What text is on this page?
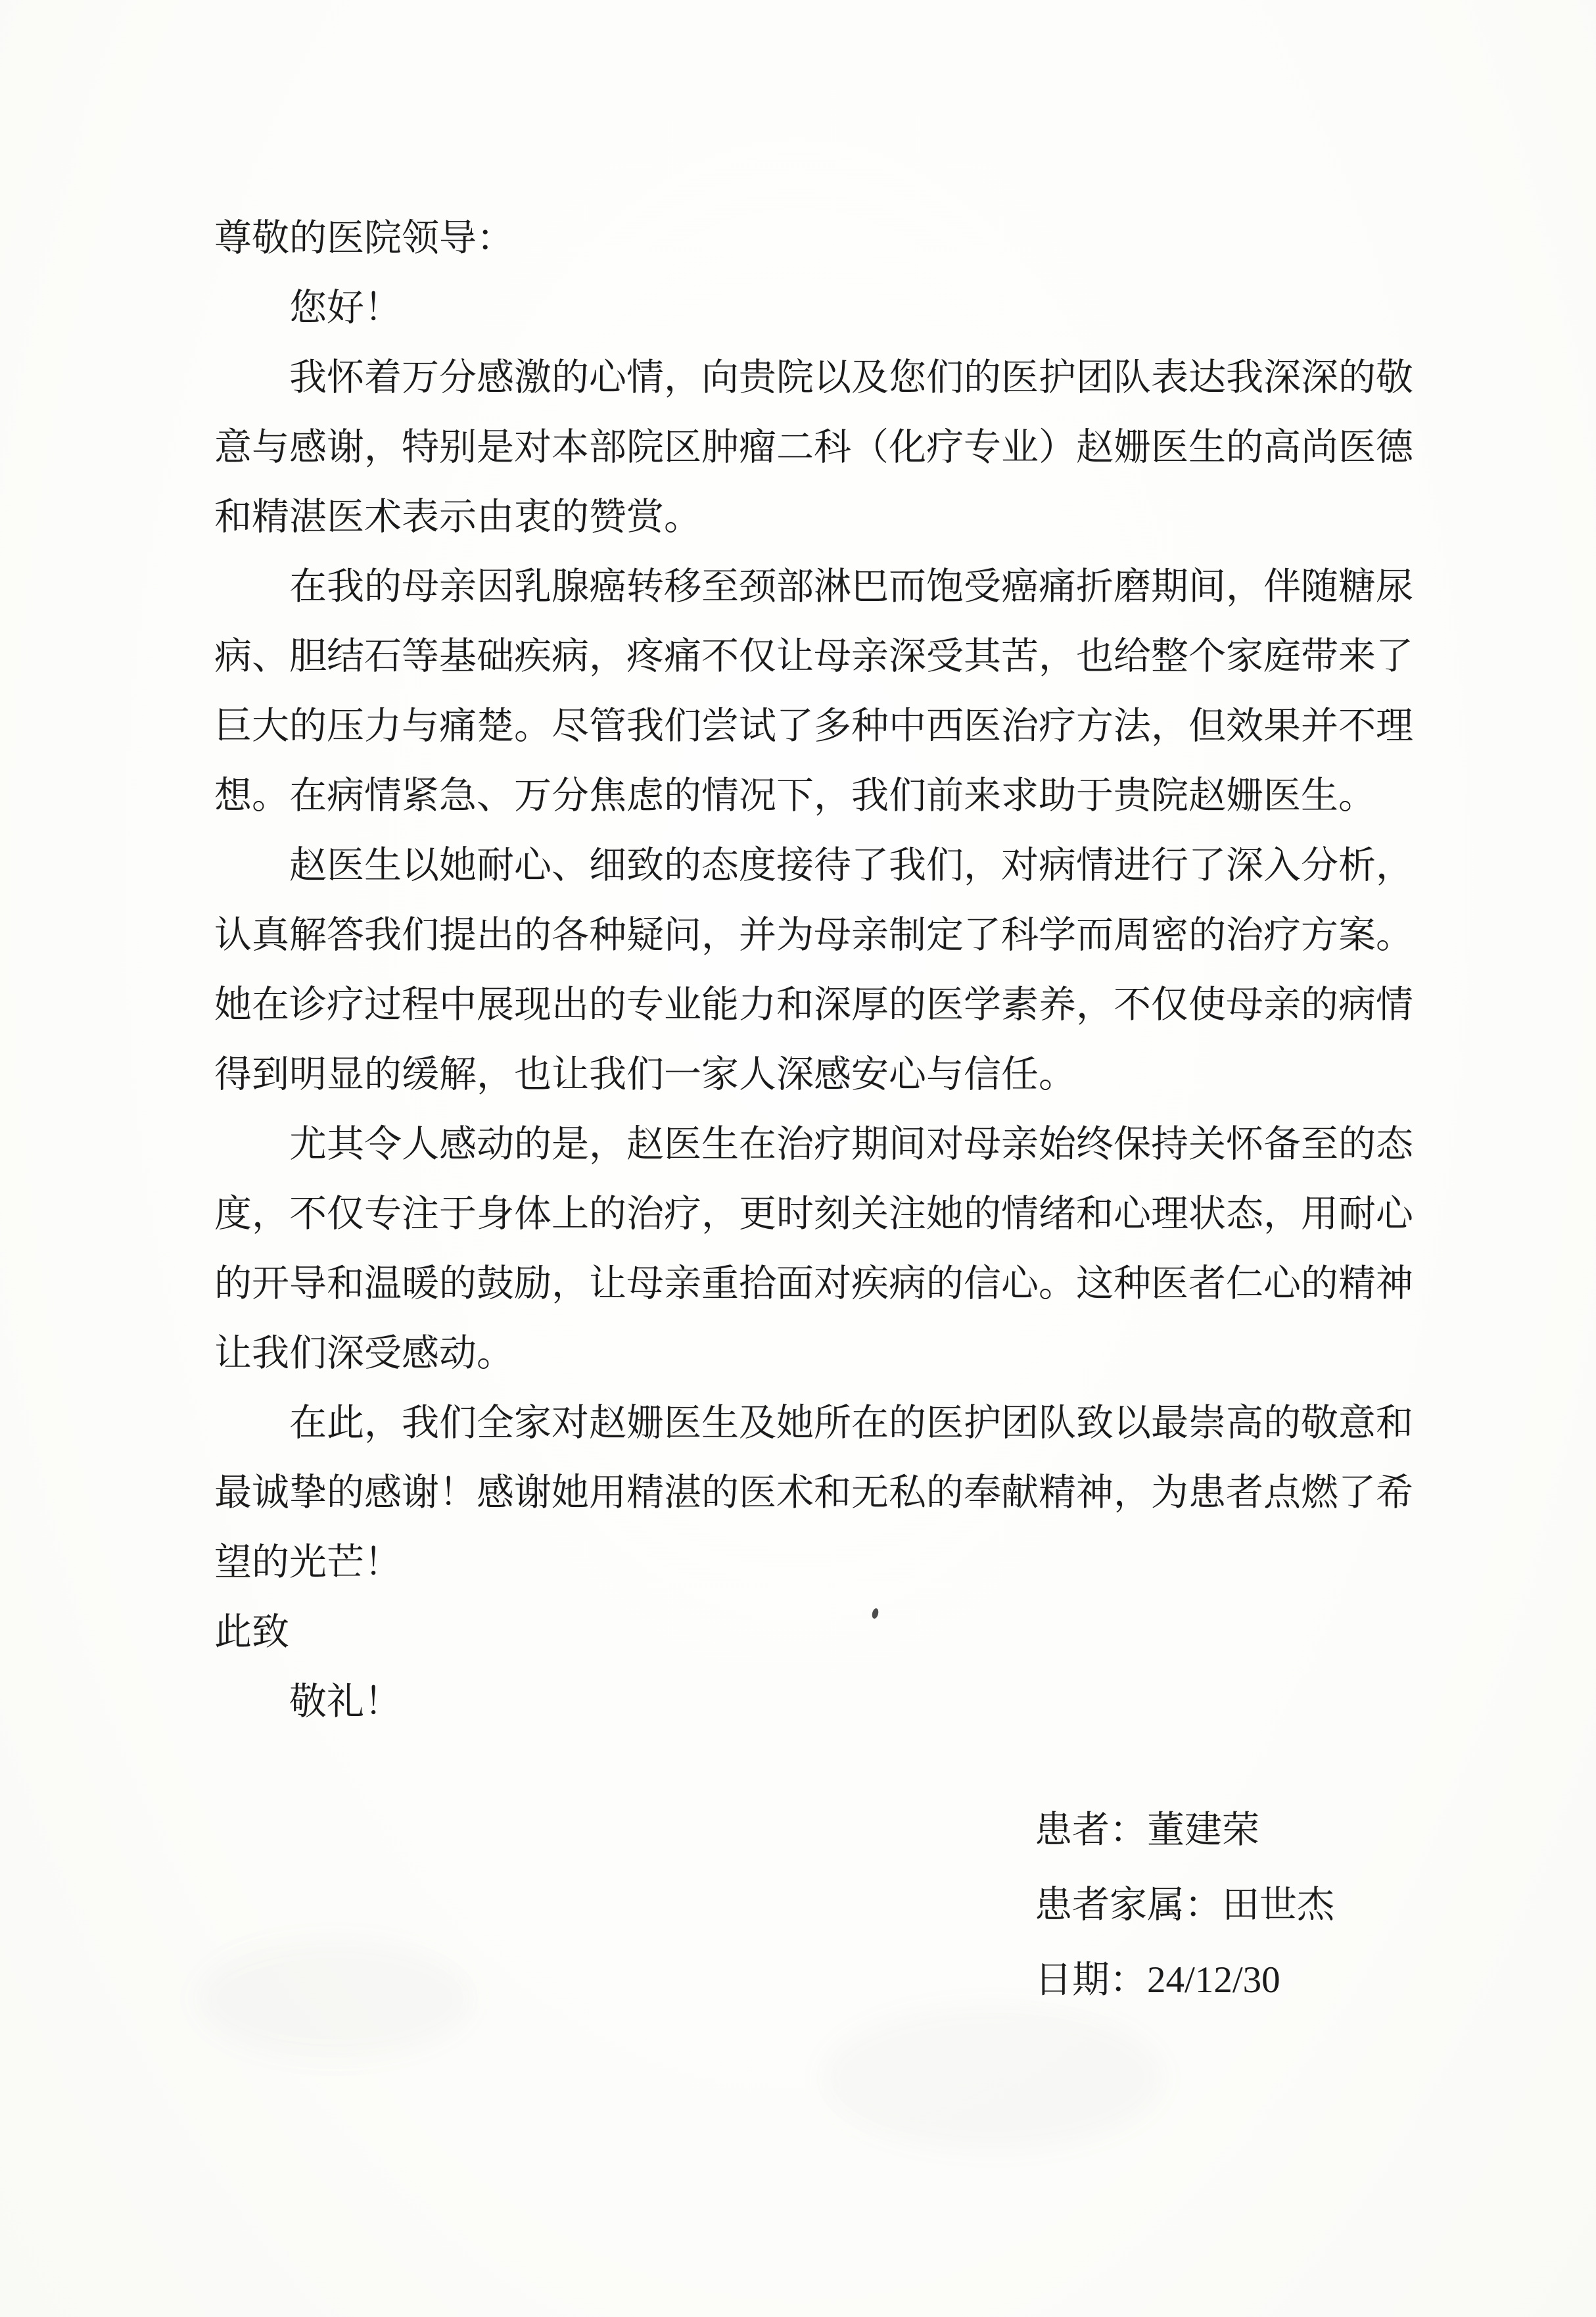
尊敬的医院领导：

您好！

我怀着万分感激的心情，向贵院以及您们的医护团队表达我深深的敬意与感谢，特别是对本部院区肿瘤二科（化疗专业）赵姗医生的高尚医德和精湛医术表示由衷的赞赏。

在我的母亲因乳腺癌转移至颈部淋巴而饱受癌痛折磨期间，伴随糖尿病、胆结石等基础疾病，疼痛不仅让母亲深受其苦，也给整个家庭带来了巨大的压力与痛楚。尽管我们尝试了多种中西医治疗方法，但效果并不理想。在病情紧急、万分焦虑的情况下，我们前来求助于贵院赵姗医生。

赵医生以她耐心、细致的态度接待了我们，对病情进行了深入分析，认真解答我们提出的各种疑问，并为母亲制定了科学而周密的治疗方案。她在诊疗过程中展现出的专业能力和深厚的医学素养，不仅使母亲的病情得到明显的缓解，也让我们一家人深感安心与信任。

尤其令人感动的是，赵医生在治疗期间对母亲始终保持关怀备至的态度，不仅专注于身体上的治疗，更时刻关注她的情绪和心理状态，用耐心的开导和温暖的鼓励，让母亲重拾面对疾病的信心。这种医者仁心的精神让我们深受感动。

在此，我们全家对赵姗医生及她所在的医护团队致以最崇高的敬意和最诚挚的感谢！感谢她用精湛的医术和无私的奉献精神，为患者点燃了希望的光芒！

此致

敬礼！

患者：董建荣

患者家属：田世杰

日期：24/12/30
